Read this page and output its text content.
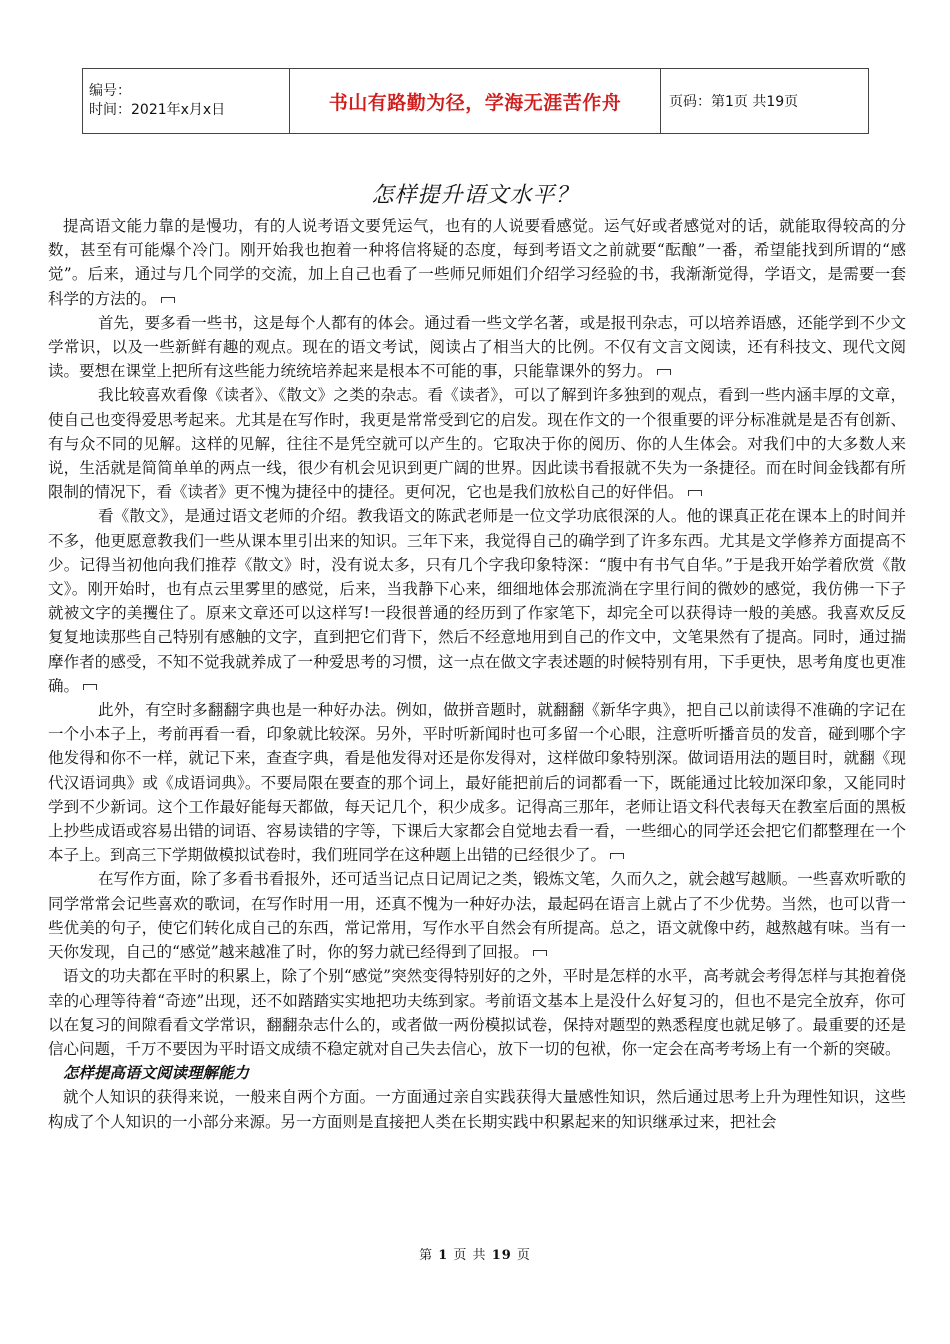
编号：
时间：2021年x月x日	书山有路勤为径，学海无涯苦作舟	页码：第1页 共19页
怎样提升语文水平？

提高语文能力靠的是慢功，有的人说考语文要凭运气，也有的人说要看感觉。运气好或者感觉对的话，就能取得较高的分数，甚至有可能爆个冷门。刚开始我也抱着一种将信将疑的态度，每到考语文之前就要“酝酿”一番，希望能找到所谓的“感觉”。后来，通过与几个同学的交流，加上自己也看了一些师兄师姐们介绍学习经验的书，我渐渐觉得，学语文，是需要一套科学的方法的。

首先，要多看一些书，这是每个人都有的体会。通过看一些文学名著，或是报刊杂志，可以培养语感，还能学到不少文学常识，以及一些新鲜有趣的观点。现在的语文考试，阅读占了相当大的比例。不仅有文言文阅读，还有科技文、现代文阅读。要想在课堂上把所有这些能力统统培养起来是根本不可能的事，只能靠课外的努力。

我比较喜欢看像《读者》、《散文》之类的杂志。看《读者》，可以了解到许多独到的观点，看到一些内涵丰厚的文章，使自己也变得爱思考起来。尤其是在写作时，我更是常常受到它的启发。现在作文的一个很重要的评分标准就是是否有创新、有与众不同的见解。这样的见解，往往不是凭空就可以产生的。它取决于你的阅历、你的人生体会。对我们中的大多数人来说，生活就是简简单单的两点一线，很少有机会见识到更广阔的世界。因此读书看报就不失为一条捷径。而在时间金钱都有所限制的情况下，看《读者》更不愧为捷径中的捷径。更何况，它也是我们放松自己的好伴侣。

看《散文》，是通过语文老师的介绍。教我语文的陈武老师是一位文学功底很深的人。他的课真正花在课本上的时间并不多，他更愿意教我们一些从课本里引出来的知识。三年下来，我觉得自己的确学到了许多东西。尤其是文学修养方面提高不少。记得当初他向我们推荐《散文》时，没有说太多，只有几个字我印象特深：“腹中有书气自华。”于是我开始学着欣赏《散文》。刚开始时，也有点云里雾里的感觉，后来，当我静下心来，细细地体会那流淌在字里行间的微妙的感觉，我仿佛一下子就被文字的美攫住了。原来文章还可以这样写!一段很普通的经历到了作家笔下，却完全可以获得诗一般的美感。我喜欢反反复复地读那些自己特别有感触的文字，直到把它们背下，然后不经意地用到自己的作文中，文笔果然有了提高。同时，通过揣摩作者的感受，不知不觉我就养成了一种爱思考的习惯，这一点在做文字表述题的时候特别有用，下手更快，思考角度也更准确。

此外，有空时多翻翻字典也是一种好办法。例如，做拼音题时，就翻翻《新华字典》，把自己以前读得不准确的字记在一个小本子上，考前再看一看，印象就比较深。另外，平时听新闻时也可多留一个心眼，注意听听播音员的发音，碰到哪个字他发得和你不一样，就记下来，查查字典，看是他发得对还是你发得对，这样做印象特别深。做词语用法的题目时，就翻《现代汉语词典》或《成语词典》。不要局限在要查的那个词上，最好能把前后的词都看一下，既能通过比较加深印象，又能同时学到不少新词。这个工作最好能每天都做，每天记几个，积少成多。记得高三那年，老师让语文科代表每天在教室后面的黑板上抄些成语或容易出错的词语、容易读错的字等，下课后大家都会自觉地去看一看，一些细心的同学还会把它们都整理在一个本子上。到高三下学期做模拟试卷时，我们班同学在这种题上出错的已经很少了。

在写作方面，除了多看书看报外，还可适当记点日记周记之类，锻炼文笔，久而久之，就会越写越顺。一些喜欢听歌的同学常常会记些喜欢的歌词，在写作时用一用，还真不愧为一种好办法，最起码在语言上就占了不少优势。当然，也可以背一些优美的句子，使它们转化成自己的东西，常记常用，写作水平自然会有所提高。总之，语文就像中药，越熬越有味。当有一天你发现，自己的“感觉”越来越准了时，你的努力就已经得到了回报。

语文的功夫都在平时的积累上，除了个别“感觉”突然变得特别好的之外，平时是怎样的水平，高考就会考得怎样与其抱着侥幸的心理等待着“奇迹”出现，还不如踏踏实实地把功夫练到家。考前语文基本上是没什么好复习的，但也不是完全放弃，你可以在复习的间隙看看文学常识，翻翻杂志什么的，或者做一两份模拟试卷，保持对题型的熟悉程度也就足够了。最重要的还是信心问题，千万不要因为平时语文成绩不稳定就对自己失去信心，放下一切的包袱，你一定会在高考考场上有一个新的突破。

怎样提高语文阅读理解能力

就个人知识的获得来说，一般来自两个方面。一方面通过亲自实践获得大量感性知识，然后通过思考上升为理性知识，这些构成了个人知识的一小部分来源。另一方面则是直接把人类在长期实践中积累起来的知识继承过来，把社会

第 1 页 共 19 页
